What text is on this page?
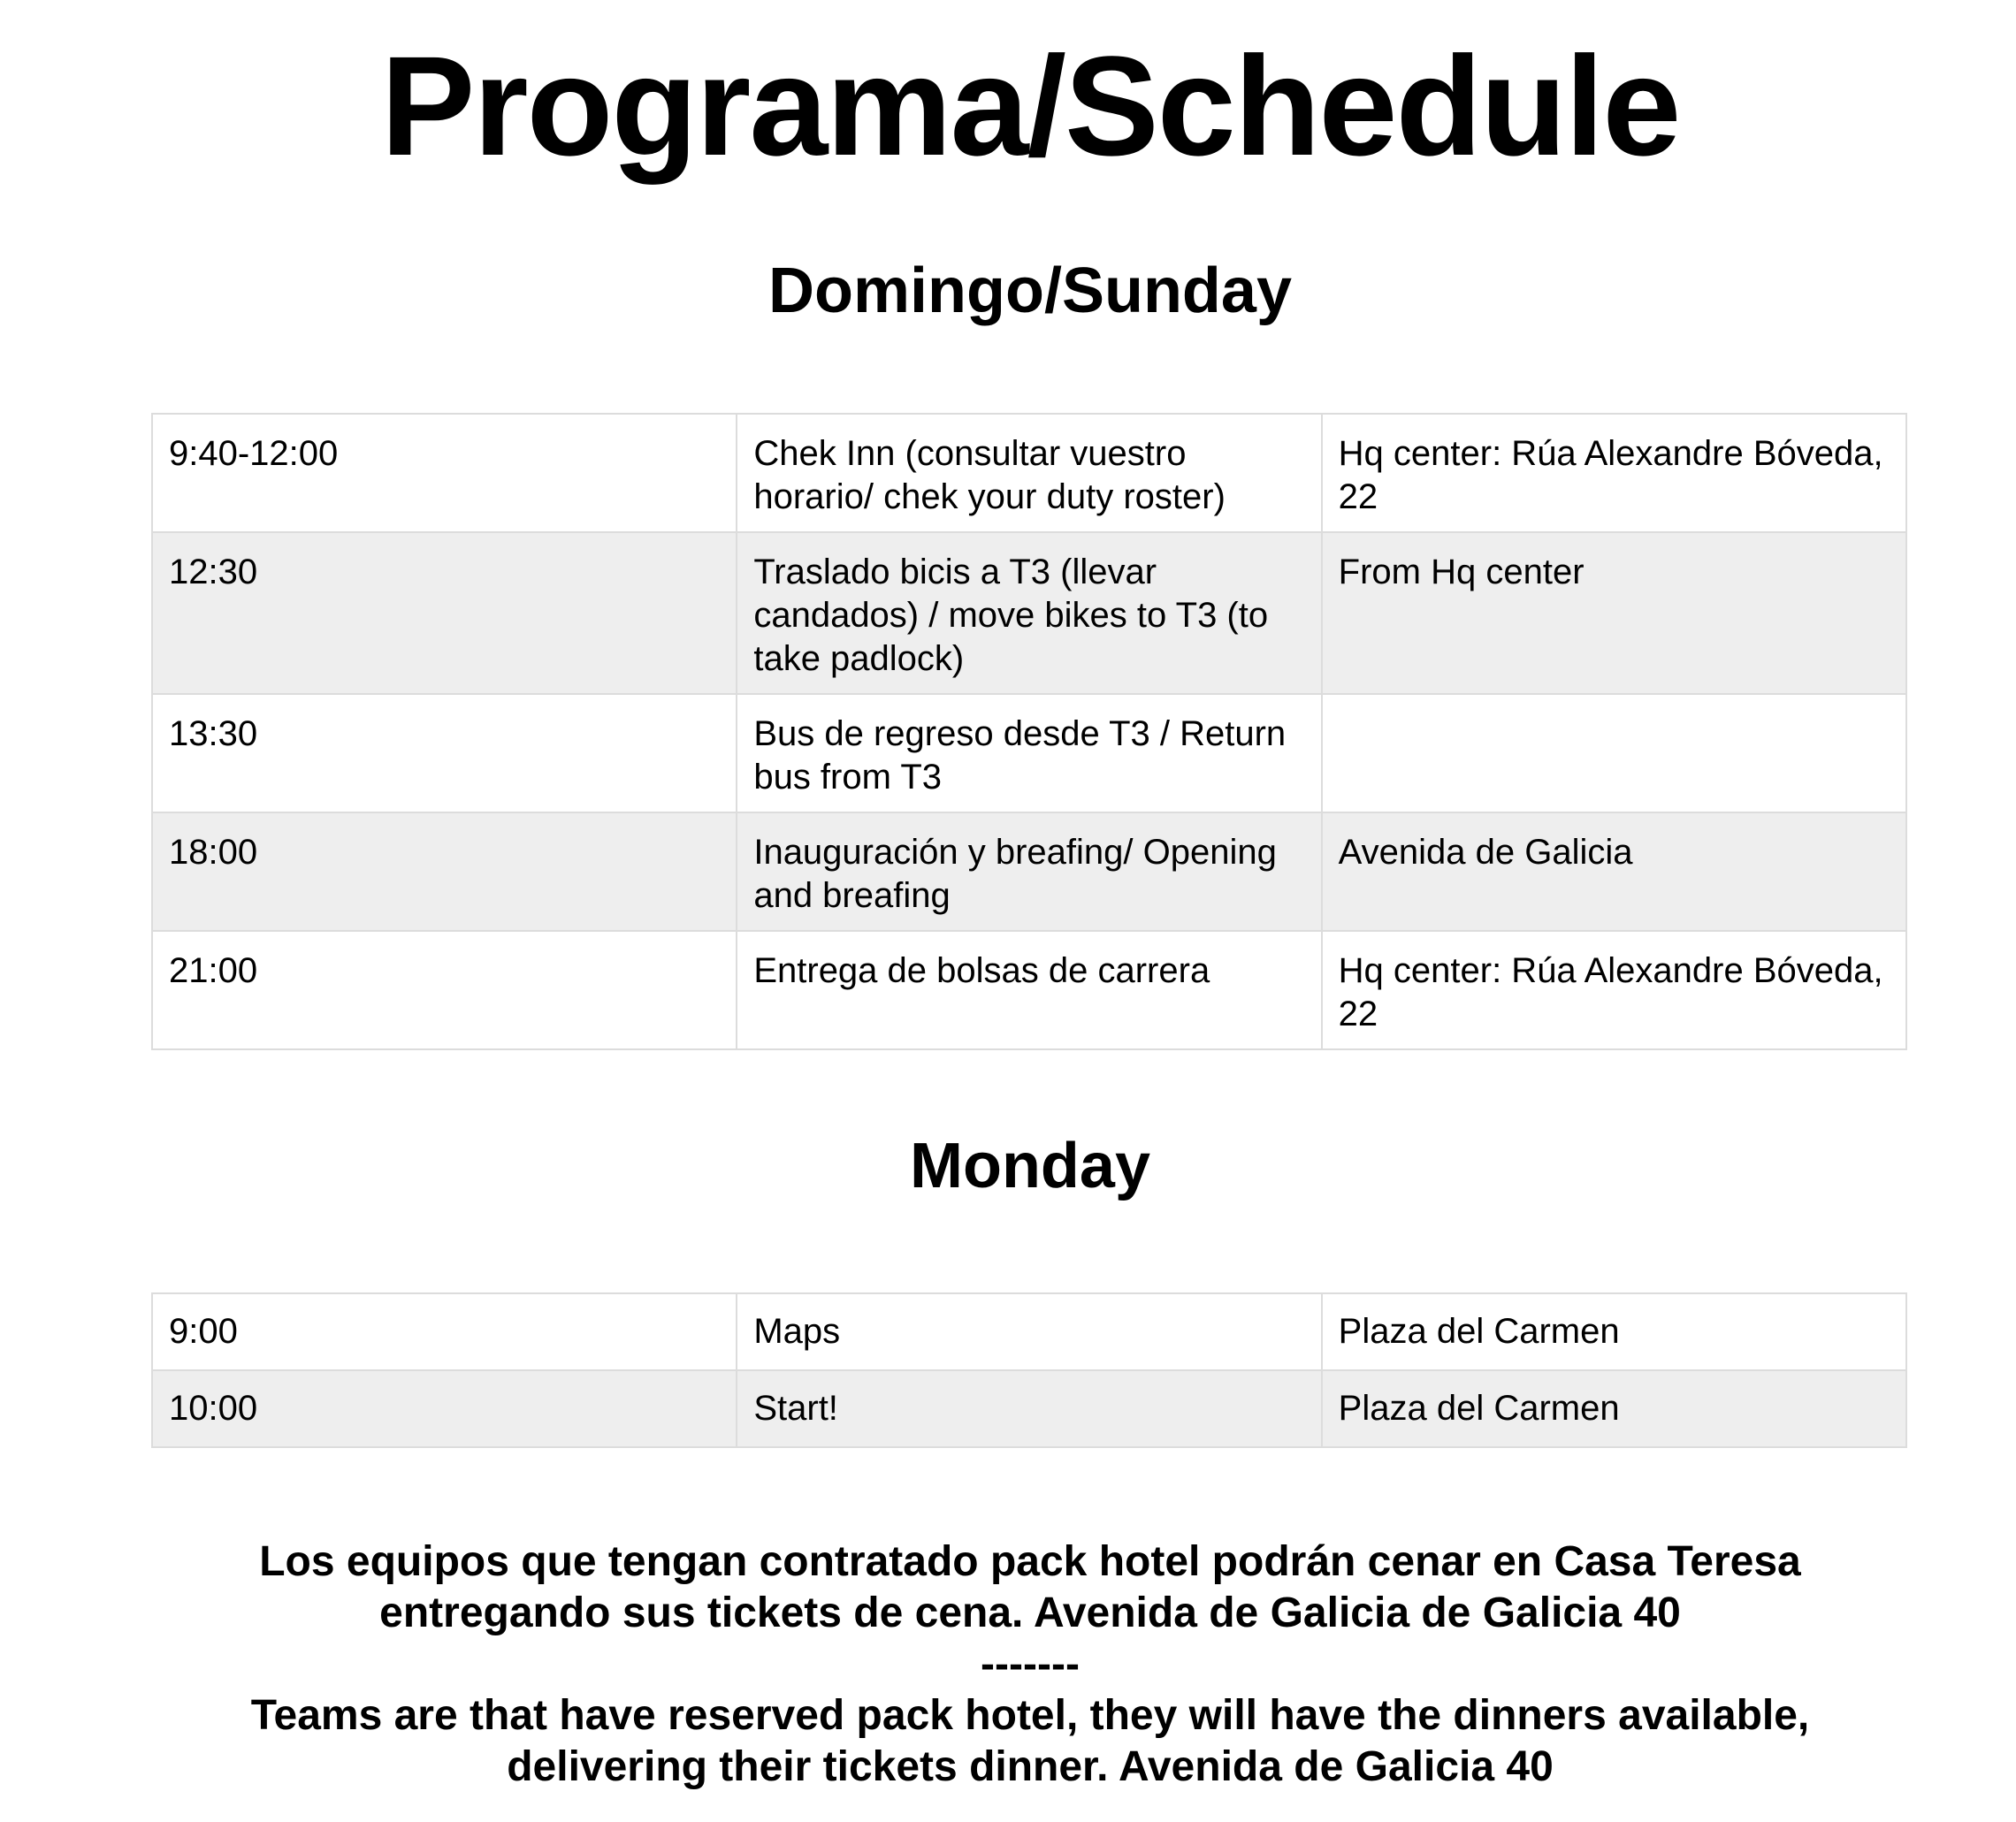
Programa/Schedule
Domingo/Sunday
9:40-12:00	Chek Inn (consultar vuestro horario/ chek your duty roster)	Hq center: Rúa Alexandre Bóveda, 22
12:30	Traslado bicis a T3 (llevar candados) / move bikes to T3 (to take padlock)	From Hq center
13:30	Bus de regreso desde T3 / Return bus from T3	
18:00	Inauguración y breafing/ Opening and breafing	Avenida de Galicia
21:00	Entrega de bolsas de carrera	Hq center: Rúa Alexandre Bóveda, 22
Monday
9:00	Maps	Plaza del Carmen
10:00	Start!	Plaza del Carmen

Los equipos que tengan contratado pack hotel podrán cenar en Casa Teresa

entregando sus tickets de cena. Avenida de Galicia de Galicia 40

-------

Teams are that have reserved pack hotel, they will have the dinners available,

delivering their tickets dinner. Avenida de Galicia 40
